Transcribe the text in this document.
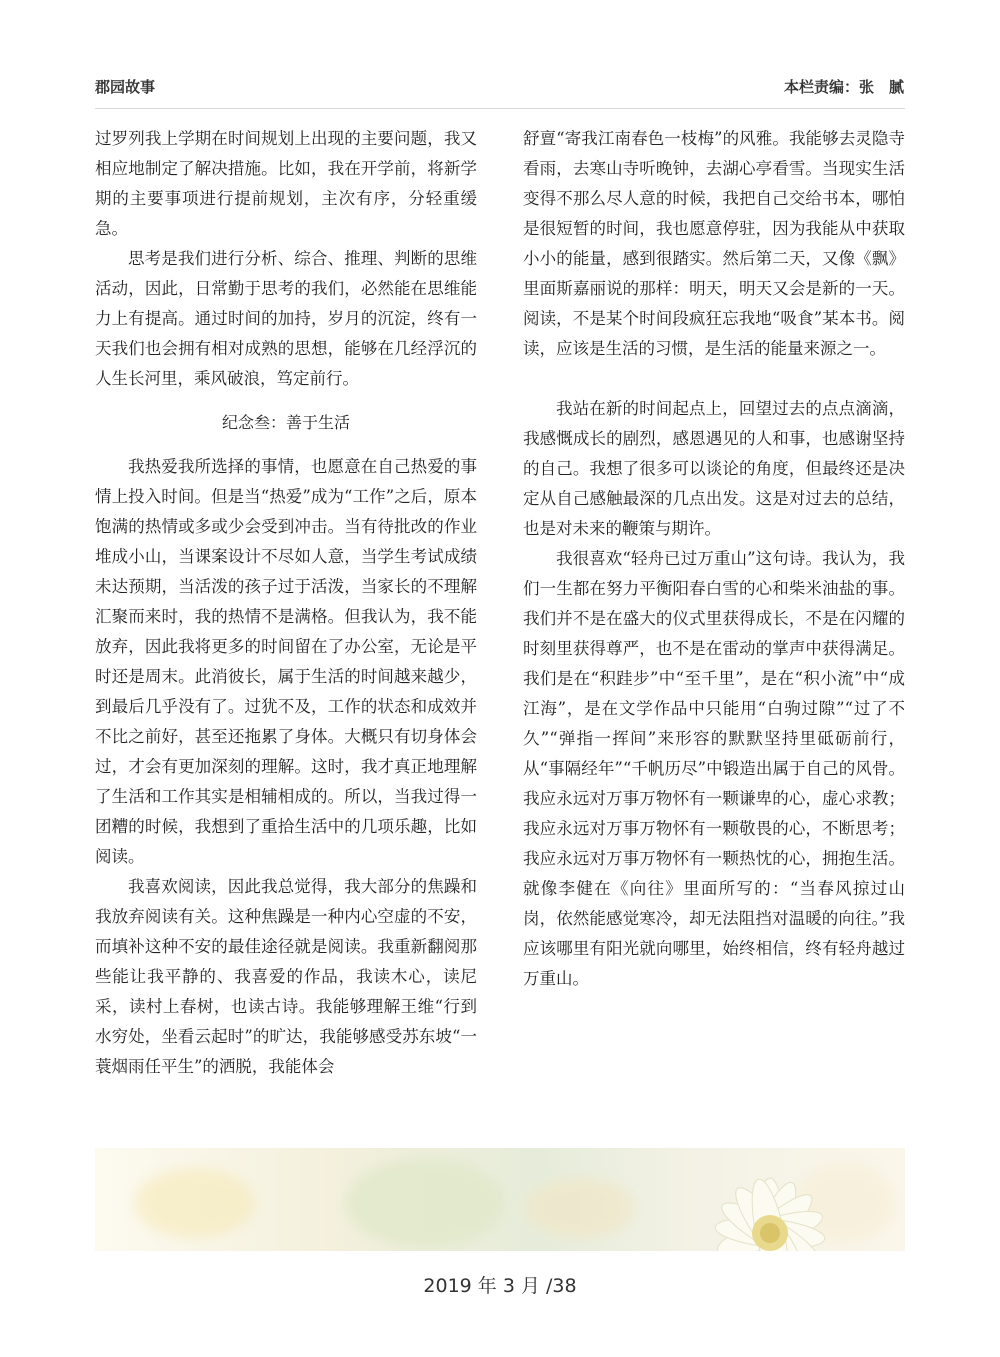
郡园故事	本栏责编：张　腻

过罗列我上学期在时间规划上出现的主要问题，我又相应地制定了解决措施。比如，我在开学前，将新学期的主要事项进行提前规划，主次有序，分轻重缓急。

思考是我们进行分析、综合、推理、判断的思维活动，因此，日常勤于思考的我们，必然能在思维能力上有提高。通过时间的加持，岁月的沉淀，终有一天我们也会拥有相对成熟的思想，能够在几经浮沉的人生长河里，乘风破浪，笃定前行。

纪念叁：善于生活

我热爱我所选择的事情，也愿意在自己热爱的事情上投入时间。但是当“热爱”成为“工作”之后，原本饱满的热情或多或少会受到冲击。当有待批改的作业堆成小山，当课案设计不尽如人意，当学生考试成绩未达预期，当活泼的孩子过于活泼，当家长的不理解汇聚而来时，我的热情不是满格。但我认为，我不能放弃，因此我将更多的时间留在了办公室，无论是平时还是周末。此消彼长，属于生活的时间越来越少，到最后几乎没有了。过犹不及，工作的状态和成效并不比之前好，甚至还拖累了身体。大概只有切身体会过，才会有更加深刻的理解。这时，我才真正地理解了生活和工作其实是相辅相成的。所以，当我过得一团糟的时候，我想到了重拾生活中的几项乐趣，比如阅读。

我喜欢阅读，因此我总觉得，我大部分的焦躁和我放弃阅读有关。这种焦躁是一种内心空虚的不安，而填补这种不安的最佳途径就是阅读。我重新翻阅那些能让我平静的、我喜爱的作品，我读木心，读尼采，读村上春树，也读古诗。我能够理解王维“行到水穷处，坐看云起时”的旷达，我能够感受苏东坡“一蓑烟雨任平生”的洒脱，我能体会

舒亶“寄我江南春色一枝梅”的风雅。我能够去灵隐寺看雨，去寒山寺听晚钟，去湖心亭看雪。当现实生活变得不那么尽人意的时候，我把自己交给书本，哪怕是很短暂的时间，我也愿意停驻，因为我能从中获取小小的能量，感到很踏实。然后第二天，又像《飘》里面斯嘉丽说的那样：明天，明天又会是新的一天。阅读，不是某个时间段疯狂忘我地“吸食”某本书。阅读，应该是生活的习惯，是生活的能量来源之一。

我站在新的时间起点上，回望过去的点点滴滴，我感慨成长的剧烈，感恩遇见的人和事，也感谢坚持的自己。我想了很多可以谈论的角度，但最终还是决定从自己感触最深的几点出发。这是对过去的总结，也是对未来的鞭策与期许。

我很喜欢“轻舟已过万重山”这句诗。我认为，我们一生都在努力平衡阳春白雪的心和柴米油盐的事。我们并不是在盛大的仪式里获得成长，不是在闪耀的时刻里获得尊严，也不是在雷动的掌声中获得满足。我们是在“积跬步”中“至千里”，是在“积小流”中“成江海”，是在文学作品中只能用“白驹过隙”“过了不久”“弹指一挥间”来形容的默默坚持里砥砺前行，从“事隔经年”“千帆历尽”中锻造出属于自己的风骨。我应永远对万事万物怀有一颗谦卑的心，虚心求教；我应永远对万事万物怀有一颗敬畏的心，不断思考；我应永远对万事万物怀有一颗热忱的心，拥抱生活。就像李健在《向往》里面所写的：“当春风掠过山岗，依然能感觉寒冷，却无法阻挡对温暖的向往。”我应该哪里有阳光就向哪里，始终相信，终有轻舟越过万重山。

2019 年 3 月 /38
